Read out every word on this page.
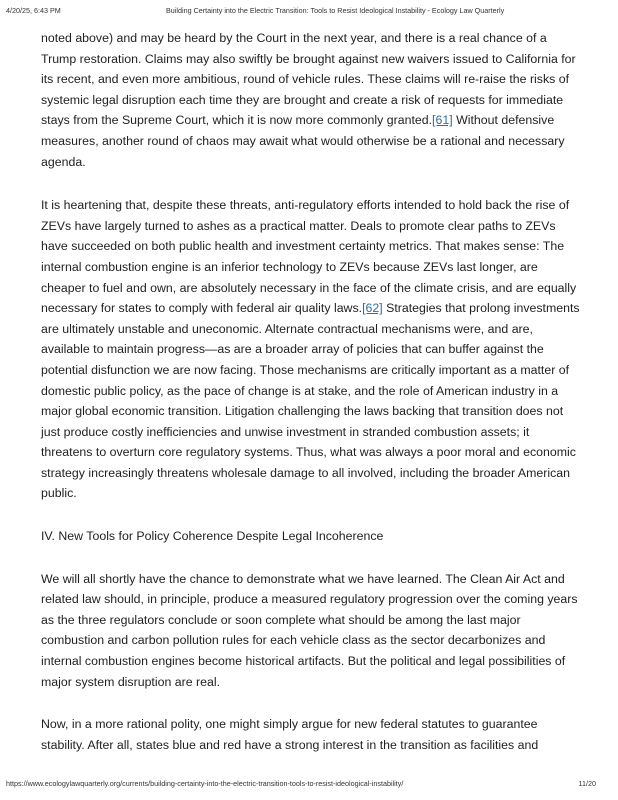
4/20/25, 6:43 PM	Building Certainty into the Electric Transition: Tools to Resist Ideological Instability - Ecology Law Quarterly

noted above) and may be heard by the Court in the next year, and there is a real chance of a Trump restoration. Claims may also swiftly be brought against new waivers issued to California for its recent, and even more ambitious, round of vehicle rules. These claims will re-raise the risks of systemic legal disruption each time they are brought and create a risk of requests for immediate stays from the Supreme Court, which it is now more commonly granted.[61] Without defensive measures, another round of chaos may await what would otherwise be a rational and necessary agenda.

It is heartening that, despite these threats, anti-regulatory efforts intended to hold back the rise of ZEVs have largely turned to ashes as a practical matter. Deals to promote clear paths to ZEVs have succeeded on both public health and investment certainty metrics. That makes sense: The internal combustion engine is an inferior technology to ZEVs because ZEVs last longer, are cheaper to fuel and own, are absolutely necessary in the face of the climate crisis, and are equally necessary for states to comply with federal air quality laws.[62] Strategies that prolong investments are ultimately unstable and uneconomic. Alternate contractual mechanisms were, and are, available to maintain progress—as are a broader array of policies that can buffer against the potential disfunction we are now facing. Those mechanisms are critically important as a matter of domestic public policy, as the pace of change is at stake, and the role of American industry in a major global economic transition. Litigation challenging the laws backing that transition does not just produce costly inefficiencies and unwise investment in stranded combustion assets; it threatens to overturn core regulatory systems. Thus, what was always a poor moral and economic strategy increasingly threatens wholesale damage to all involved, including the broader American public.

IV. New Tools for Policy Coherence Despite Legal Incoherence

We will all shortly have the chance to demonstrate what we have learned. The Clean Air Act and related law should, in principle, produce a measured regulatory progression over the coming years as the three regulators conclude or soon complete what should be among the last major combustion and carbon pollution rules for each vehicle class as the sector decarbonizes and internal combustion engines become historical artifacts. But the political and legal possibilities of major system disruption are real.

Now, in a more rational polity, one might simply argue for new federal statutes to guarantee stability. After all, states blue and red have a strong interest in the transition as facilities and

https://www.ecologylawquarterly.org/currents/building-certainty-into-the-electric-transition-tools-to-resist-ideological-instability/	11/20
